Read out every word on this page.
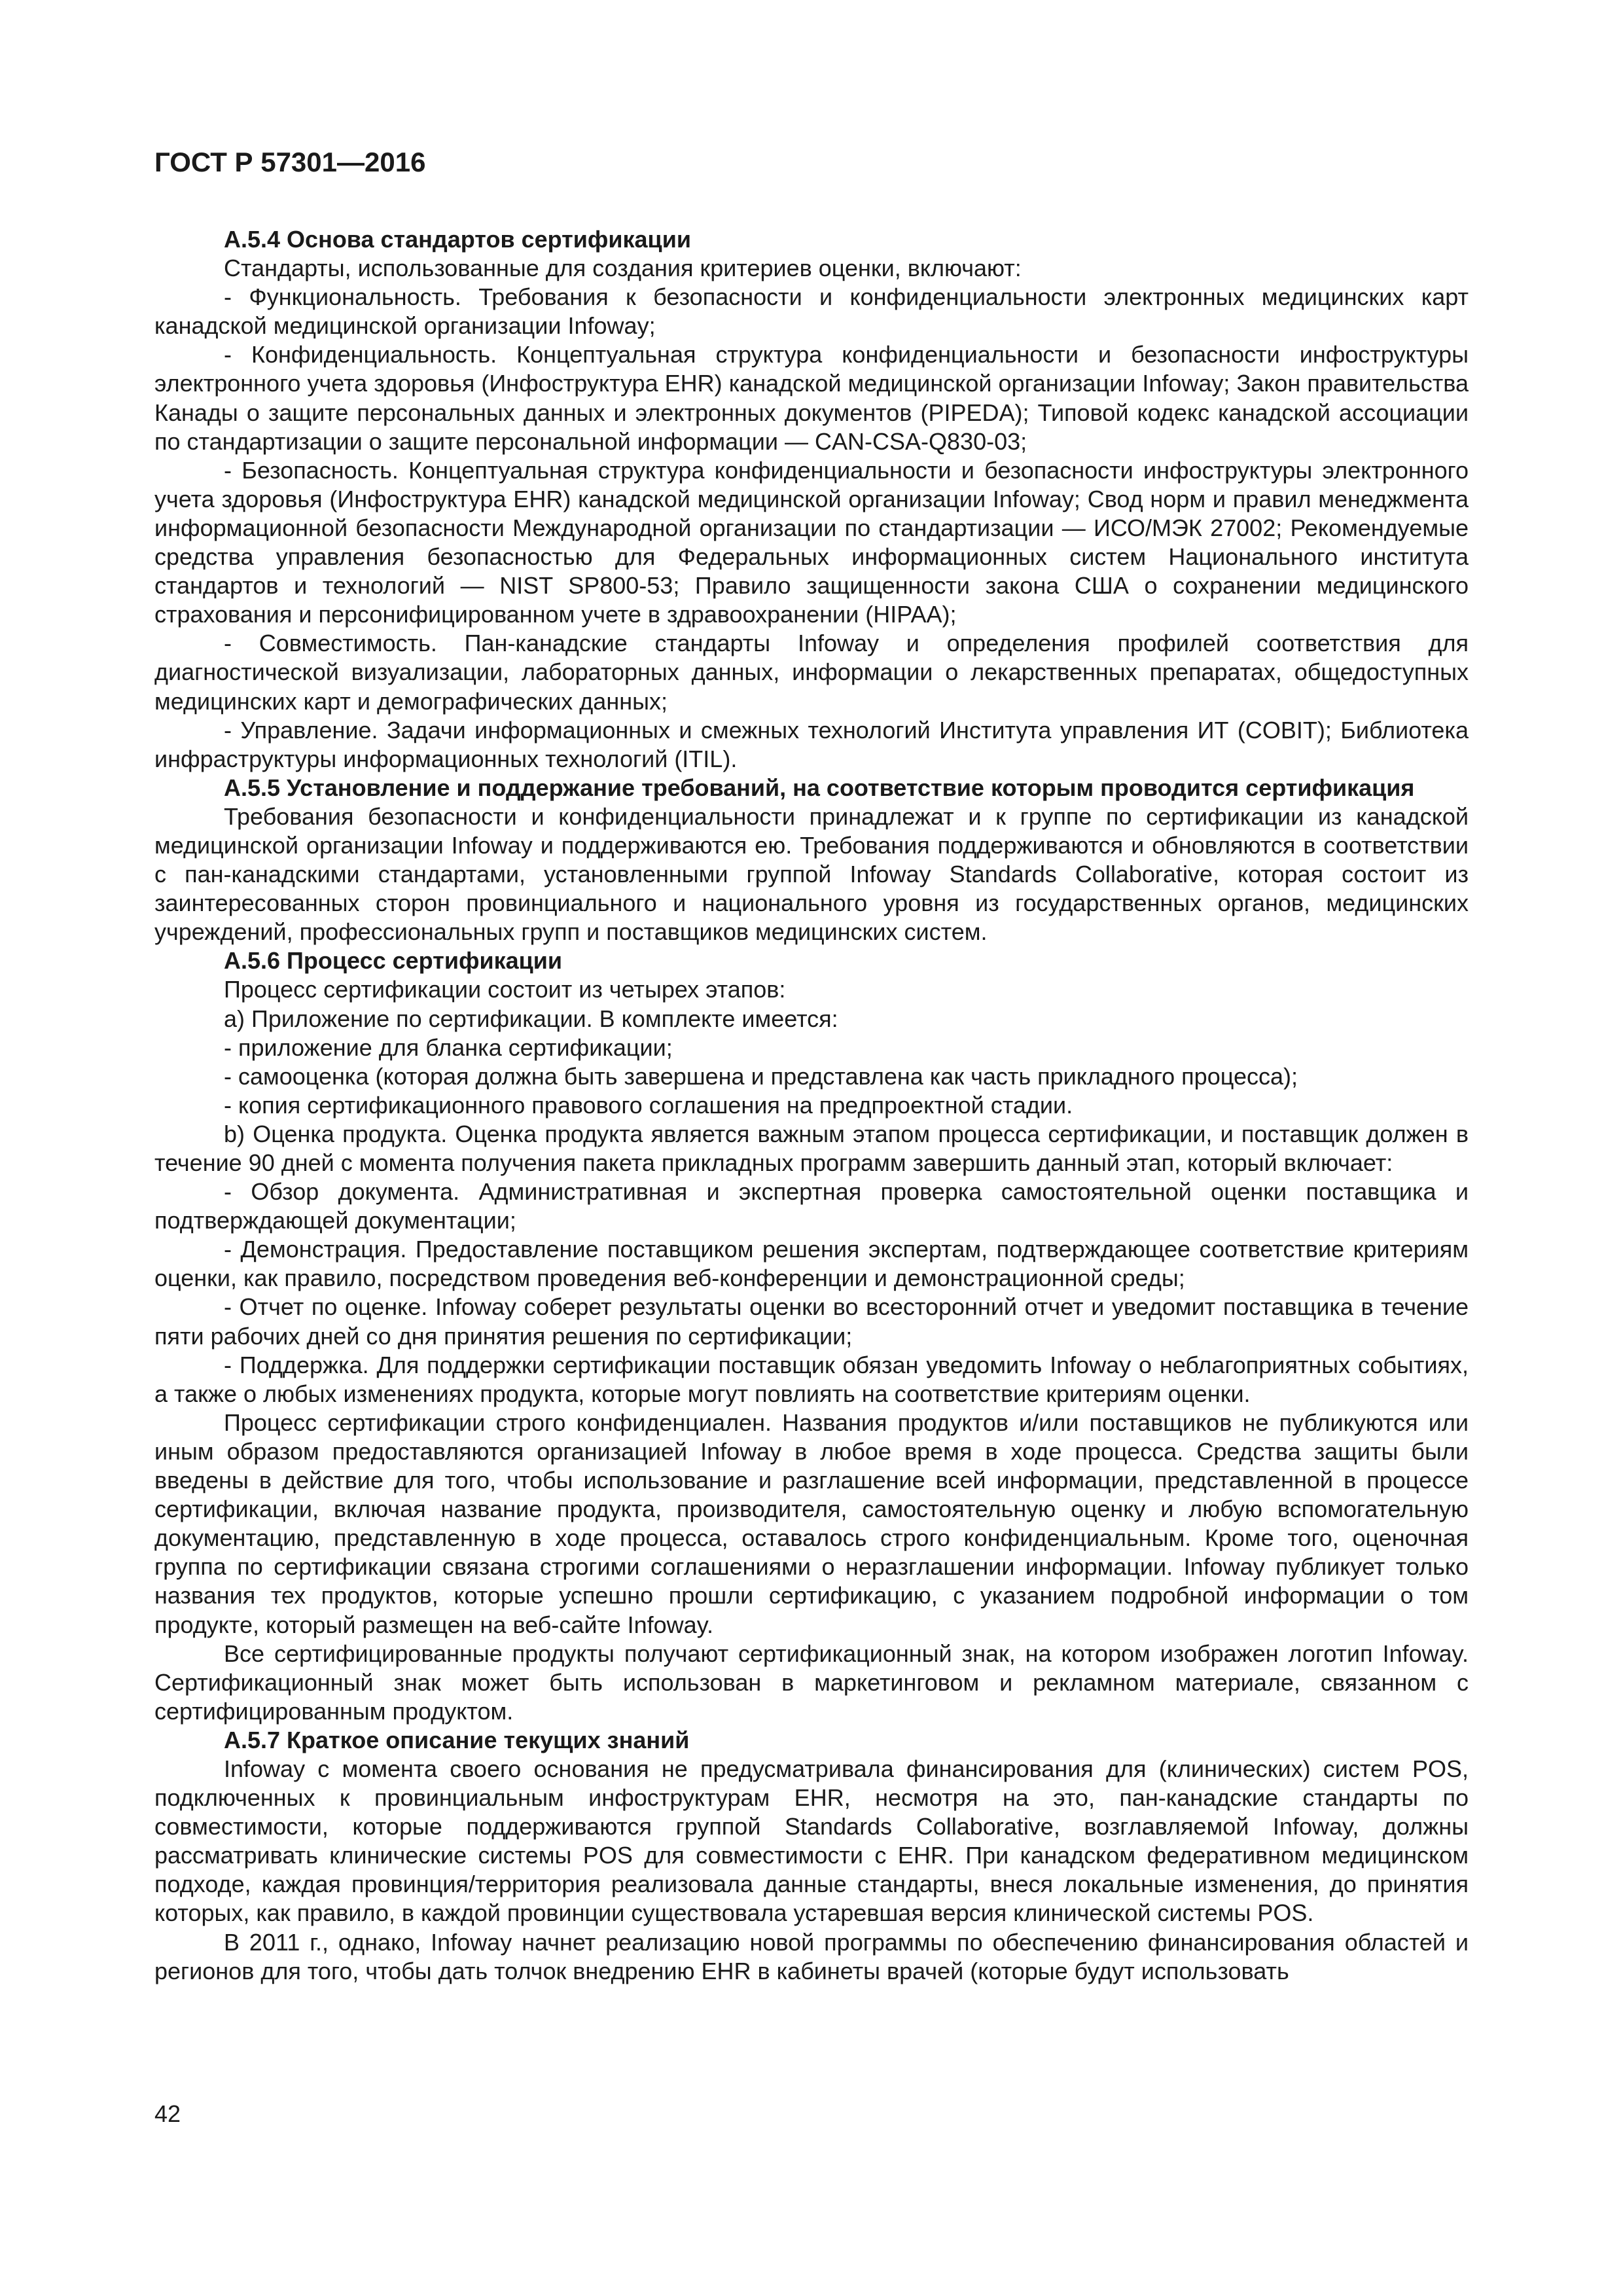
ГОСТ Р 57301—2016

А.5.4 Основа стандартов сертификации

Стандарты, использованные для создания критериев оценки, включают:

- Функциональность. Требования к безопасности и конфиденциальности электронных медицинских карт канадской медицинской организации Infoway;

- Конфиденциальность. Концептуальная структура конфиденциальности и безопасности инфоструктуры электронного учета здоровья (Инфоструктура EHR) канадской медицинской организации Infoway; Закон правительства Канады о защите персональных данных и электронных документов (PIPEDA); Типовой кодекс канадской ассоциации по стандартизации о защите персональной информации — CAN-CSA-Q830-03;

- Безопасность. Концептуальная структура конфиденциальности и безопасности инфоструктуры электронного учета здоровья (Инфоструктура EHR) канадской медицинской организации Infoway; Свод норм и правил менеджмента информационной безопасности Международной организации по стандартизации — ИСО/МЭК 27002; Рекомендуемые средства управления безопасностью для Федеральных информационных систем Национального института стандартов и технологий — NIST SP800-53; Правило защищенности закона США о сохранении медицинского страхования и персонифицированном учете в здравоохранении (HIPAA);

- Совместимость. Пан-канадские стандарты Infoway и определения профилей соответствия для диагностической визуализации, лабораторных данных, информации о лекарственных препаратах, общедоступных медицинских карт и демографических данных;

- Управление. Задачи информационных и смежных технологий Института управления ИТ (COBIT); Библиотека инфраструктуры информационных технологий (ITIL).

А.5.5 Установление и поддержание требований, на соответствие которым проводится сертификация

Требования безопасности и конфиденциальности принадлежат и к группе по сертификации из канадской медицинской организации Infoway и поддерживаются ею. Требования поддерживаются и обновляются в соответствии с пан-канадскими стандартами, установленными группой Infoway Standards Collaborative, которая состоит из заинтересованных сторон провинциального и национального уровня из государственных органов, медицинских учреждений, профессиональных групп и поставщиков медицинских систем.

А.5.6 Процесс сертификации

Процесс сертификации состоит из четырех этапов:

a) Приложение по сертификации. В комплекте имеется:

- приложение для бланка сертификации;

- самооценка (которая должна быть завершена и представлена как часть прикладного процесса);

- копия сертификационного правового соглашения на предпроектной стадии.

b) Оценка продукта. Оценка продукта является важным этапом процесса сертификации, и поставщик должен в течение 90 дней с момента получения пакета прикладных программ завершить данный этап, который включает:

- Обзор документа. Административная и экспертная проверка самостоятельной оценки поставщика и подтверждающей документации;

- Демонстрация. Предоставление поставщиком решения экспертам, подтверждающее соответствие критериям оценки, как правило, посредством проведения веб-конференции и демонстрационной среды;

- Отчет по оценке. Infoway соберет результаты оценки во всесторонний отчет и уведомит поставщика в течение пяти рабочих дней со дня принятия решения по сертификации;

- Поддержка. Для поддержки сертификации поставщик обязан уведомить Infoway о неблагоприятных событиях, а также о любых изменениях продукта, которые могут повлиять на соответствие критериям оценки.

Процесс сертификации строго конфиденциален. Названия продуктов и/или поставщиков не публикуются или иным образом предоставляются организацией Infoway в любое время в ходе процесса. Средства защиты были введены в действие для того, чтобы использование и разглашение всей информации, представленной в процессе сертификации, включая название продукта, производителя, самостоятельную оценку и любую вспомогательную документацию, представленную в ходе процесса, оставалось строго конфиденциальным. Кроме того, оценочная группа по сертификации связана строгими соглашениями о неразглашении информации. Infoway публикует только названия тех продуктов, которые успешно прошли сертификацию, с указанием подробной информации о том продукте, который размещен на веб-сайте Infoway.

Все сертифицированные продукты получают сертификационный знак, на котором изображен логотип Infoway. Сертификационный знак может быть использован в маркетинговом и рекламном материале, связанном с сертифицированным продуктом.

А.5.7 Краткое описание текущих знаний

Infoway с момента своего основания не предусматривала финансирования для (клинических) систем POS, подключенных к провинциальным инфоструктурам EHR, несмотря на это, пан-канадские стандарты по совместимости, которые поддерживаются группой Standards Collaborative, возглавляемой Infoway, должны рассматривать клинические системы POS для совместимости с EHR. При канадском федеративном медицинском подходе, каждая провинция/территория реализовала данные стандарты, внеся локальные изменения, до принятия которых, как правило, в каждой провинции существовала устаревшая версия клинической системы POS.

В 2011 г., однако, Infoway начнет реализацию новой программы по обеспечению финансирования областей и регионов для того, чтобы дать толчок внедрению EHR в кабинеты врачей (которые будут использовать

42
